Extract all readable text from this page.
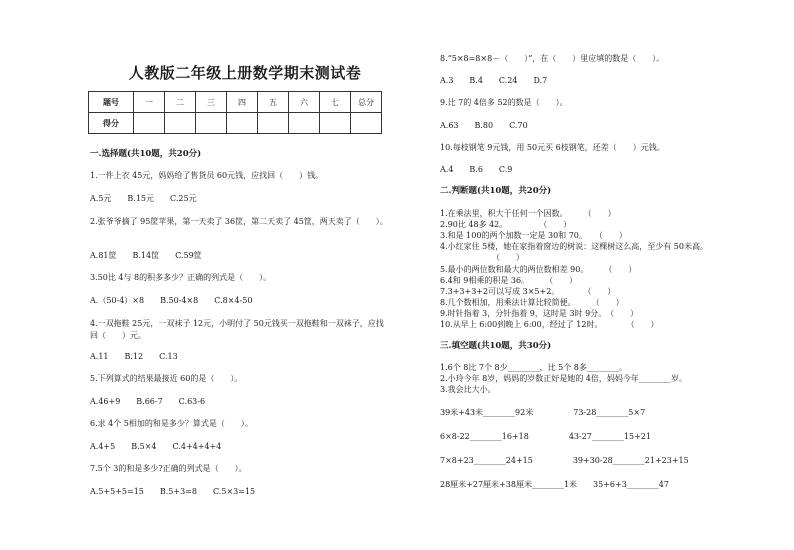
人教版二年级上册数学期末测试卷
题号	一	二	三	四	五	六	七	总分
得分								
一.选择题(共10题，共20分)
1.一件上衣 45元，妈妈给了售货员 60元钱，应找回（　　）钱。
A.5元　　B.15元　　C.25元
2.张爷爷摘了 95筐苹果，第一天卖了 36筐，第二天卖了 45筐，两天卖了（　　）。
A.81筐　　B.14筐　　C.59筐
3.50比 4与 8的积多多少？正确的列式是（　　）。
A.（50-4）×8　　B.50-4×8　　C.8×4-50
4.一双拖鞋 25元，一双袜子 12元，小明付了 50元钱买一双拖鞋和一双袜子，应找
回（　　）元。
A.11　　B.12　　C.13
5.下列算式的结果最接近 60的是（　　）。
A.46+9　　B.66-7　　C.63-6
6.求 4个 5相加的和是多少？算式是（　　）。
A.4+5　　B.5×4　　C.4+4+4+4
7.5个 3的和是多少?正确的列式是（　　）。
A.5+5+5=15　　B.5+3=8　　C.5×3=15
8.“5×8=8×8－（　　）”，在（　　）里应填的数是（　　）。
A.3　　B.4　　C.24　　D.7
9.比 7的 4倍多 52的数是（　　）。
A.63　　B.80　　C.70
10.每枝钢笔 9元钱，用 50元买 6枝钢笔，还差（　　）元钱。
A.4　　B.6　　C.9
二.判断题(共10题，共20分)
1.在乘法里，积大于任何一个因数。　　　（　　）
2.90比 48多 42。　　　　　（　　）
3.和是 100的两个加数一定是 30和 70。　　（　　）
4.小红家住 5楼，她在家指着窗边的树说：这棵树这么高，至少有 50米高。
　　　　　　　（　　）
5.最小的两位数和最大的两位数相差 90。　　　（　　）
6.4和 9相乘的积是 36。　　　（　　）
7.3+3+3+2可以写成 3×5+2。　　　　（　　）
8.几个数相加，用乘法计算比较简便。　　　（　　）
9.时针指着 3，分针指着 9，这时是 3时 9分。　（　　）
10.从早上 6:00到晚上 6:00，经过了 12时。　　　　（　　）
三.填空题(共10题，共30分)
1.6个 8比 7个 8少________，比 5个 8多________。
2.小玲今年 8岁，妈妈的岁数正好是她的 4倍，妈妈今年________岁。
3.我会比大小。
39米+43米________92米　　　　　73-28________5×7
6×8-22________16+18　　　　　43-27________15+21
7×8+23________24+15　　　　　39+30-28________21+23+15
28厘米+27厘米+38厘米________1米　　35+6+3________47
